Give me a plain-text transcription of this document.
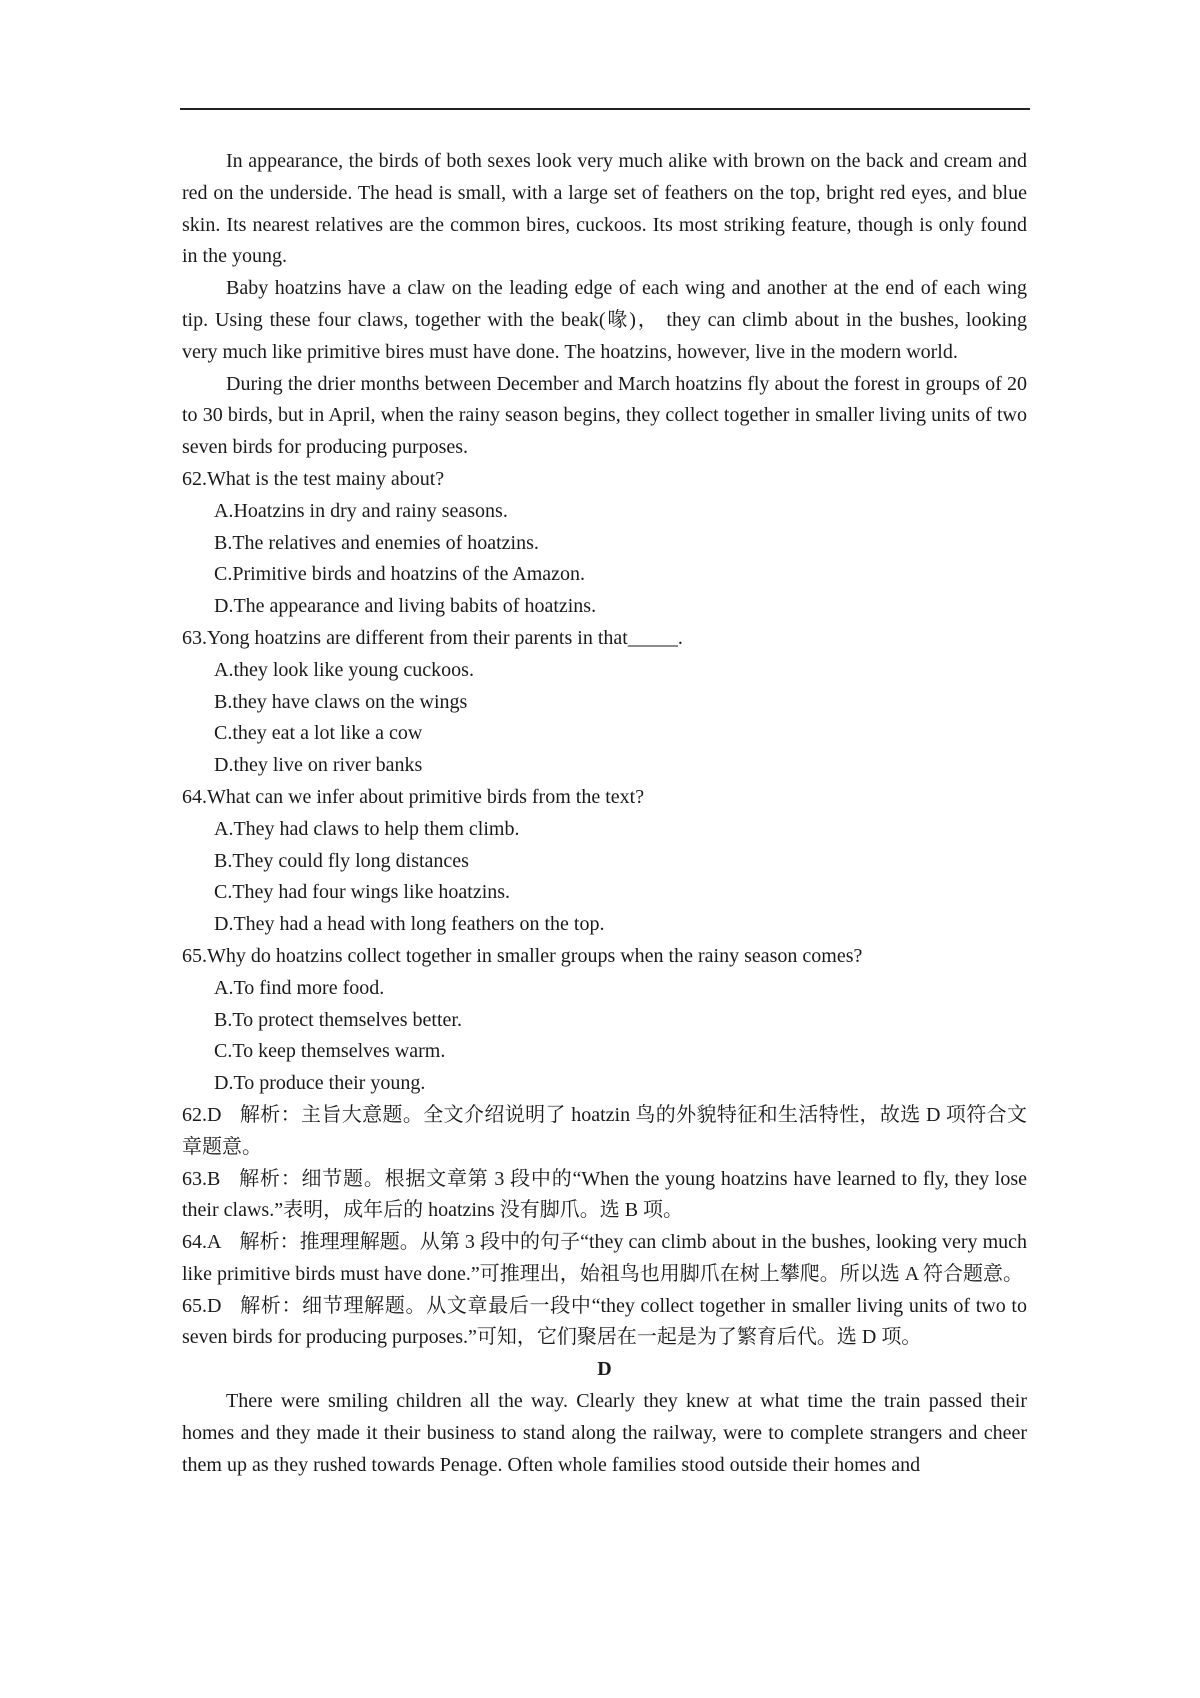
In appearance, the birds of both sexes look very much alike with brown on the back and cream and red on the underside. The head is small, with a large set of feathers on the top, bright red eyes, and blue skin. Its nearest relatives are the common bires, cuckoos. Its most striking feature, though is only found in the young.

Baby hoatzins have a claw on the leading edge of each wing and another at the end of each wing tip. Using these four claws, together with the beak(喙)， they can climb about in the bushes, looking very much like primitive bires must have done. The hoatzins, however, live in the modern world.

During the drier months between December and March hoatzins fly about the forest in groups of 20 to 30 birds, but in April, when the rainy season begins, they collect together in smaller living units of two seven birds for producing purposes.

62.What is the test mainy about?

A.Hoatzins in dry and rainy seasons.

B.The relatives and enemies of hoatzins.

C.Primitive birds and hoatzins of the Amazon.

D.The appearance and living babits of hoatzins.

63.Yong hoatzins are different from their parents in that_____.

A.they look like young cuckoos.

B.they have claws on the wings

C.they eat a lot like a cow

D.they live on river banks

64.What can we infer about primitive birds from the text?

A.They had claws to help them climb.

B.They could fly long distances

C.They had four wings like hoatzins.

D.They had a head with long feathers on the top.

65.Why do hoatzins collect together in smaller groups when the rainy season comes?

A.To find more food.

B.To protect themselves better.

C.To keep themselves warm.

D.To produce their young.

62.D 解析：主旨大意题。全文介绍说明了 hoatzin 鸟的外貌特征和生活特性，故选 D 项符合文章题意。

63.B 解析：细节题。根据文章第 3 段中的“When the young hoatzins have learned to fly, they lose their claws.”表明，成年后的 hoatzins 没有脚爪。选 B 项。

64.A 解析：推理理解题。从第 3 段中的句子“they can climb about in the bushes, looking very much like primitive birds must have done.”可推理出，始祖鸟也用脚爪在树上攀爬。所以选 A 符合题意。

65.D 解析：细节理解题。从文章最后一段中“they collect together in smaller living units of two to seven birds for producing purposes.”可知，它们聚居在一起是为了繁育后代。选 D 项。

D

There were smiling children all the way. Clearly they knew at what time the train passed their homes and they made it their business to stand along the railway, were to complete strangers and cheer them up as they rushed towards Penage. Often whole families stood outside their homes and
